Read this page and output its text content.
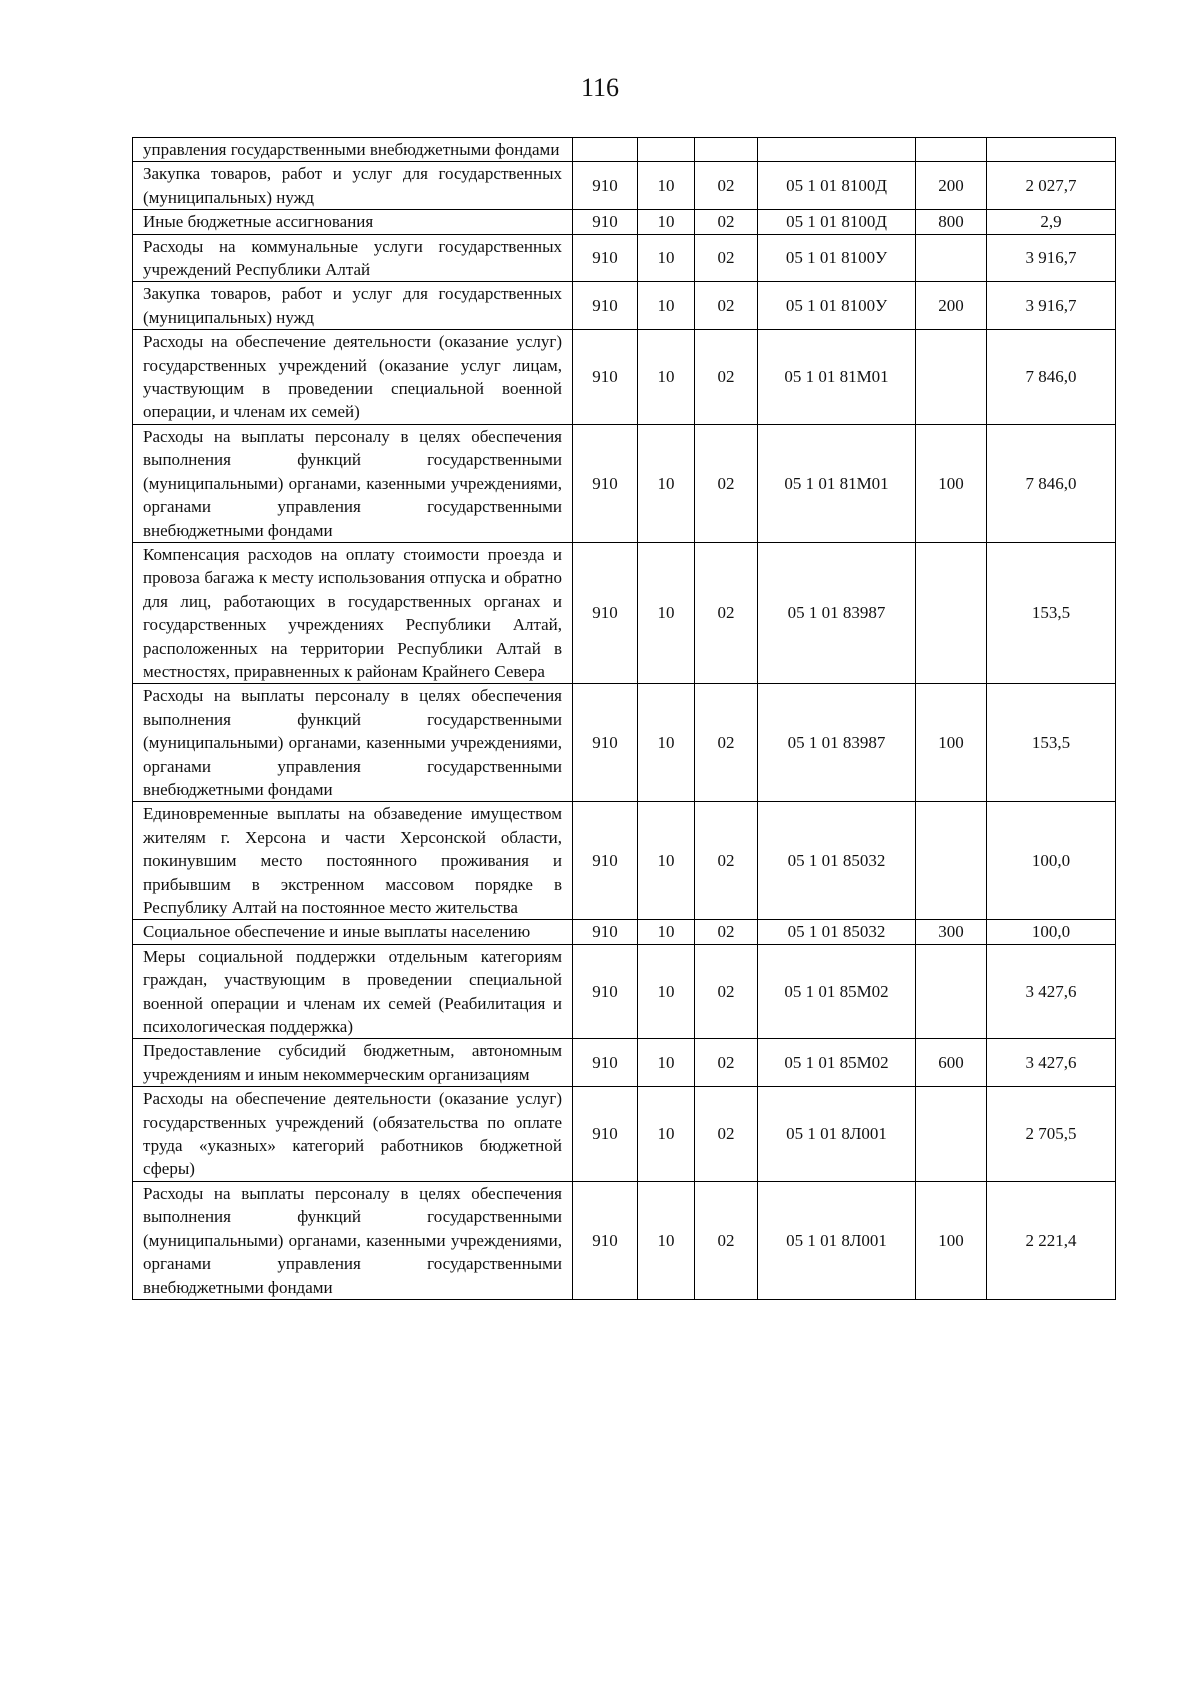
116
управления государственными внебюджетными фондами						
Закупка товаров, работ и услуг для государственных (муниципальных) нужд	910	10	02	05 1 01 8100Д	200	2 027,7
Иные бюджетные ассигнования	910	10	02	05 1 01 8100Д	800	2,9
Расходы на коммунальные услуги государственных учреждений Республики Алтай	910	10	02	05 1 01 8100У		3 916,7
Закупка товаров, работ и услуг для государственных (муниципальных) нужд	910	10	02	05 1 01 8100У	200	3 916,7
Расходы на обеспечение деятельности (оказание услуг) государственных учреждений (оказание услуг лицам, участвующим в проведении специальной военной операции, и членам их семей)	910	10	02	05 1 01 81М01		7 846,0
Расходы на выплаты персоналу в целях обеспечения выполнения функций государственными (муниципальными) органами, казенными учреждениями, органами управления государственными внебюджетными фондами	910	10	02	05 1 01 81М01	100	7 846,0
Компенсация расходов на оплату стоимости проезда и провоза багажа к месту использования отпуска и обратно для лиц, работающих в государственных органах и государственных учреждениях Республики Алтай, расположенных на территории Республики Алтай в местностях, приравненных к районам Крайнего Севера	910	10	02	05 1 01 83987		153,5
Расходы на выплаты персоналу в целях обеспечения выполнения функций государственными (муниципальными) органами, казенными учреждениями, органами управления государственными внебюджетными фондами	910	10	02	05 1 01 83987	100	153,5
Единовременные выплаты на обзаведение имуществом жителям г. Херсона и части Херсонской области, покинувшим место постоянного проживания и прибывшим в экстренном массовом порядке в Республику Алтай на постоянное место жительства	910	10	02	05 1 01 85032		100,0
Социальное обеспечение и иные выплаты населению	910	10	02	05 1 01 85032	300	100,0
Меры социальной поддержки отдельным категориям граждан, участвующим в проведении специальной военной операции и членам их семей (Реабилитация и психологическая поддержка)	910	10	02	05 1 01 85М02		3 427,6
Предоставление субсидий бюджетным, автономным учреждениям и иным некоммерческим организациям	910	10	02	05 1 01 85М02	600	3 427,6
Расходы на обеспечение деятельности (оказание услуг) государственных учреждений (обязательства по оплате труда «указных» категорий работников бюджетной сферы)	910	10	02	05 1 01 8Л001		2 705,5
Расходы на выплаты персоналу в целях обеспечения выполнения функций государственными (муниципальными) органами, казенными учреждениями, органами управления государственными внебюджетными фондами	910	10	02	05 1 01 8Л001	100	2 221,4
